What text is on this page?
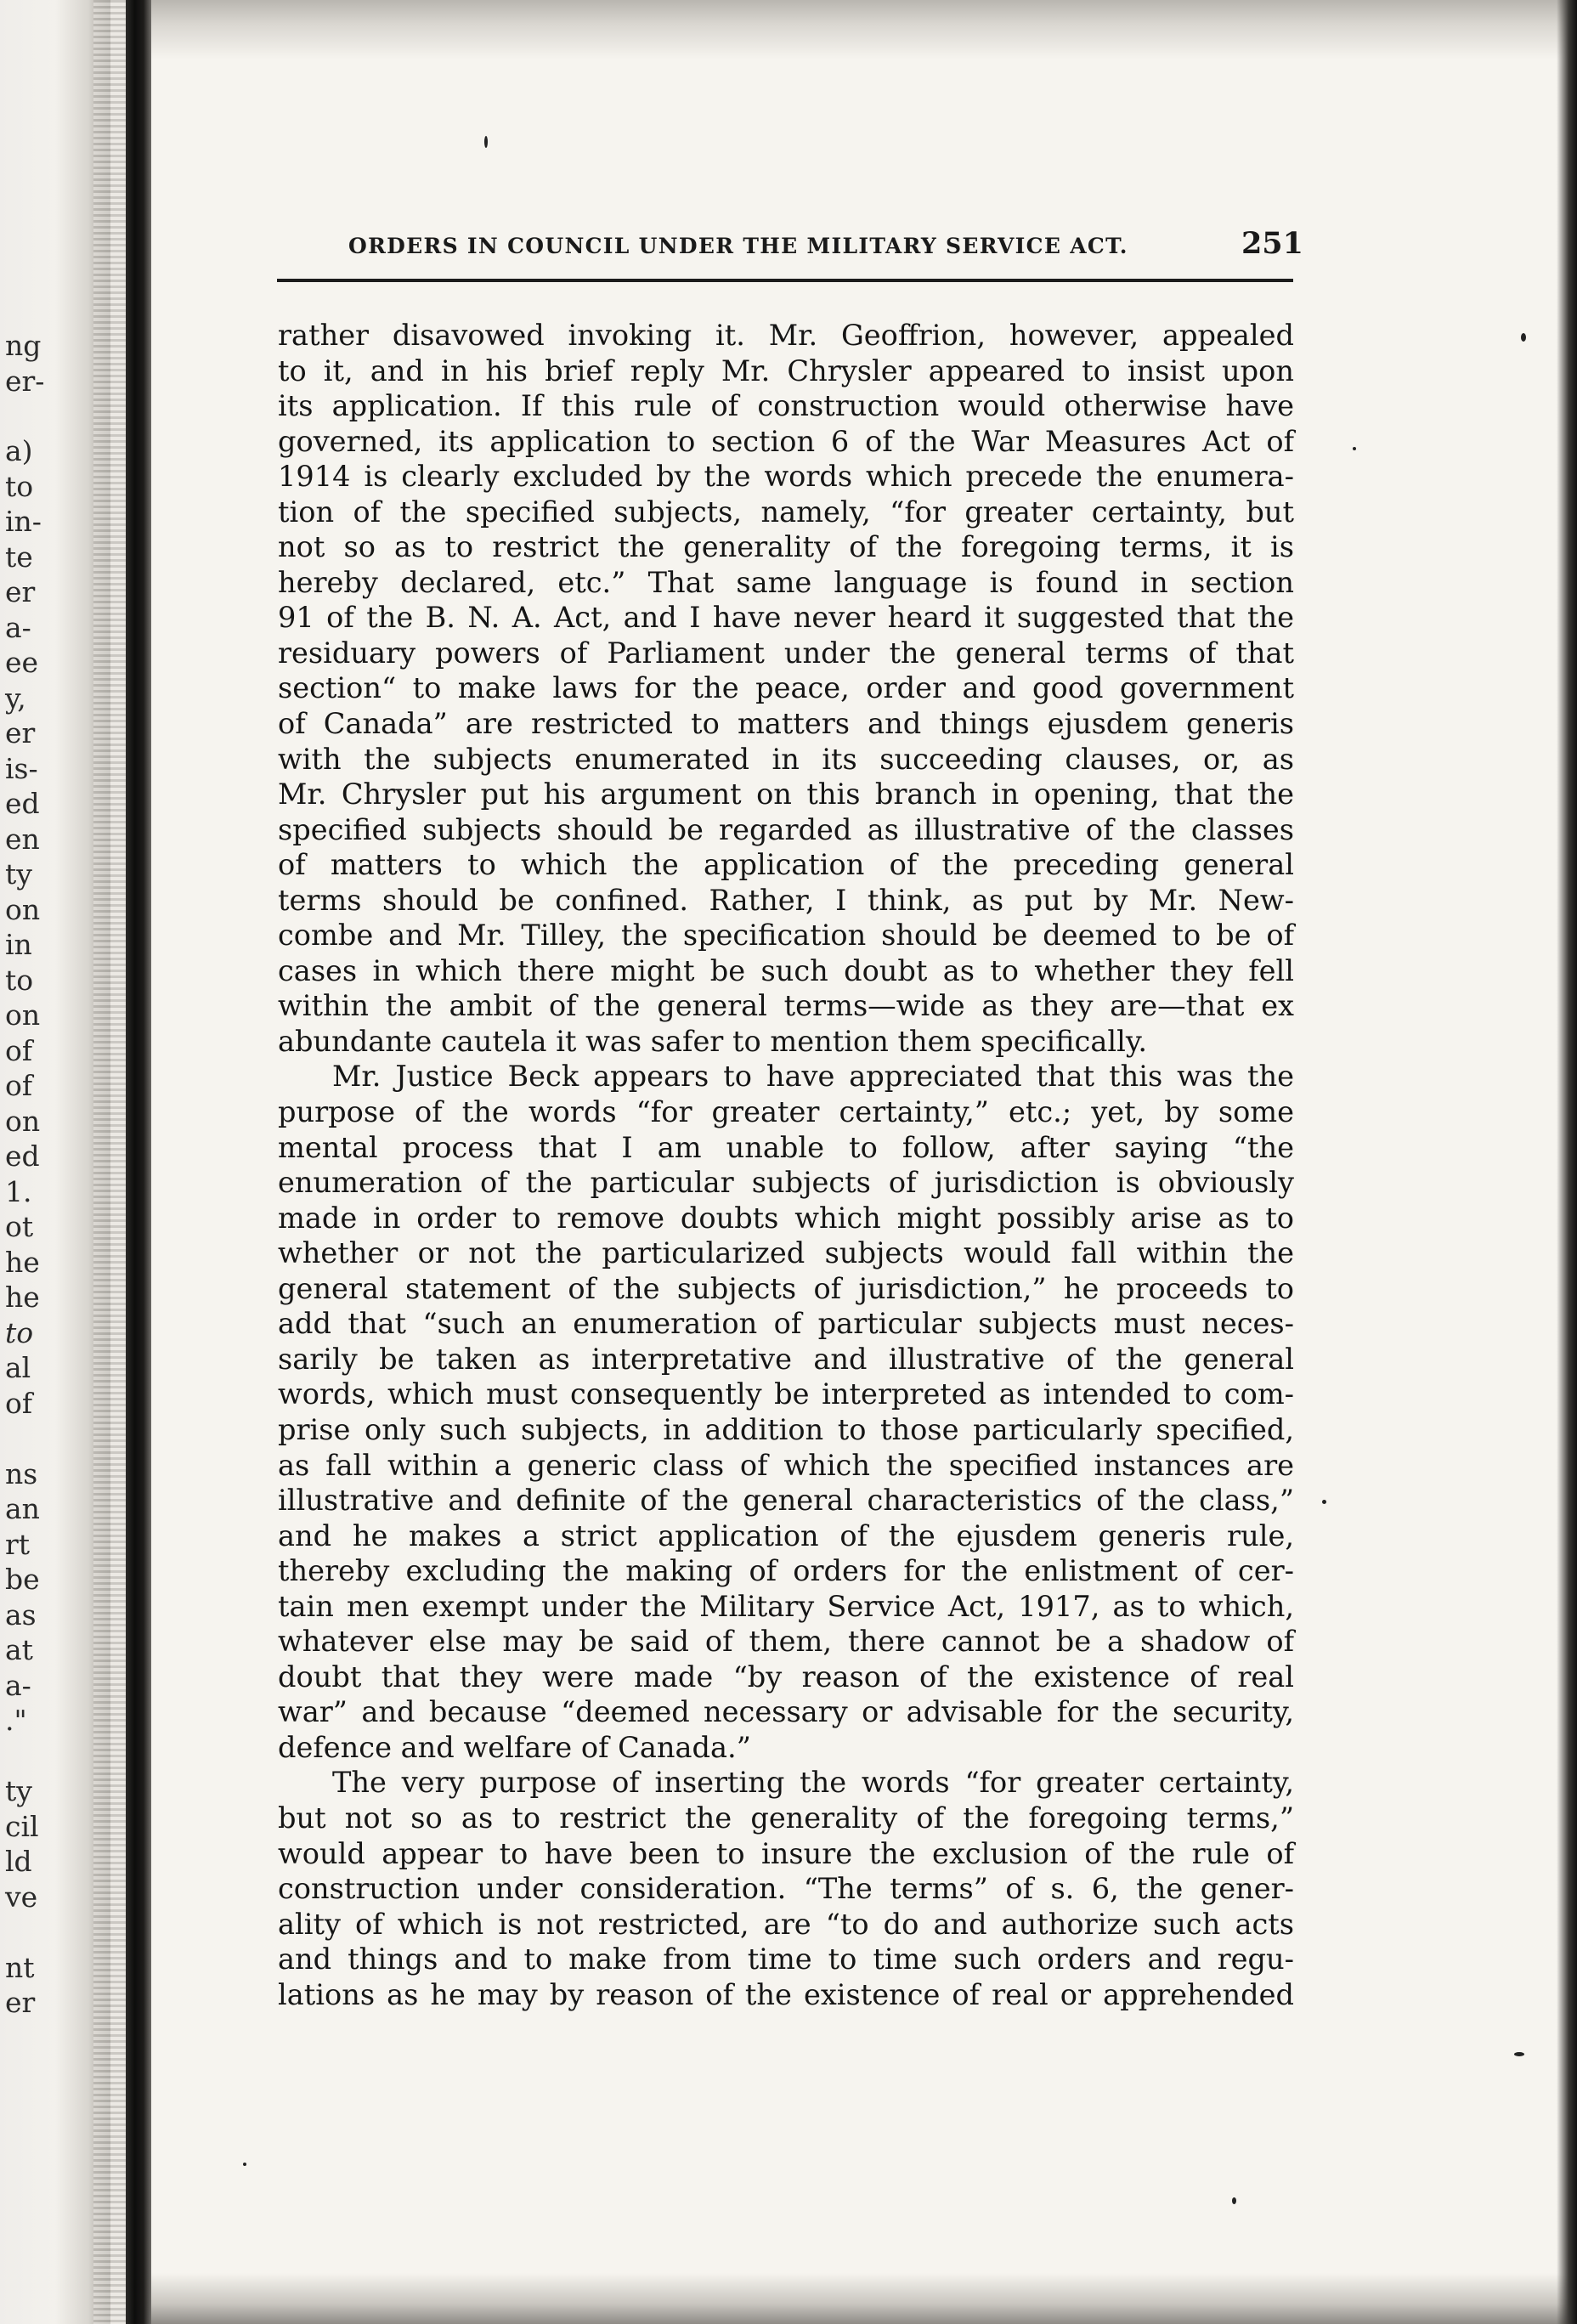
ng
er-
a)
to
in-
te
er
a-
ee
y,
er
is-
ed
en
ty
on
in
to
on
of
of
on
ed
1.
ot
he
he
to
al
of
ns
an
rt
be
as
at
a-
."
ty
cil
ld
ve
nt
er
ORDERS IN COUNCIL UNDER THE MILITARY SERVICE ACT.	251
rather disavowed invoking it. Mr. Geoffrion, however, appealed
to it, and in his brief reply Mr. Chrysler appeared to insist upon
its application. If this rule of construction would otherwise have
governed, its application to section 6 of the War Measures Act of
1914 is clearly excluded by the words which precede the enumera-
tion of the specified subjects, namely, “for greater certainty, but
not so as to restrict the generality of the foregoing terms, it is
hereby declared, etc.” That same language is found in section
91 of the B. N. A. Act, and I have never heard it suggested that the
residuary powers of Parliament under the general terms of that
section“ to make laws for the peace, order and good government
of Canada” are restricted to matters and things ejusdem generis
with the subjects enumerated in its succeeding clauses, or, as
Mr. Chrysler put his argument on this branch in opening, that the
specified subjects should be regarded as illustrative of the classes
of matters to which the application of the preceding general
terms should be confined. Rather, I think, as put by Mr. New-
combe and Mr. Tilley, the specification should be deemed to be of
cases in which there might be such doubt as to whether they fell
within the ambit of the general terms—wide as they are—that ex
abundante cautela it was safer to mention them specifically.
Mr. Justice Beck appears to have appreciated that this was the
purpose of the words “for greater certainty,” etc.; yet, by some
mental process that I am unable to follow, after saying “the
enumeration of the particular subjects of jurisdiction is obviously
made in order to remove doubts which might possibly arise as to
whether or not the particularized subjects would fall within the
general statement of the subjects of jurisdiction,” he proceeds to
add that “such an enumeration of particular subjects must neces-
sarily be taken as interpretative and illustrative of the general
words, which must consequently be interpreted as intended to com-
prise only such subjects, in addition to those particularly specified,
as fall within a generic class of which the specified instances are
illustrative and definite of the general characteristics of the class,”
and he makes a strict application of the ejusdem generis rule,
thereby excluding the making of orders for the enlistment of cer-
tain men exempt under the Military Service Act, 1917, as to which,
whatever else may be said of them, there cannot be a shadow of
doubt that they were made “by reason of the existence of real
war” and because “deemed necessary or advisable for the security,
defence and welfare of Canada.”
The very purpose of inserting the words “for greater certainty,
but not so as to restrict the generality of the foregoing terms,”
would appear to have been to insure the exclusion of the rule of
construction under consideration. “The terms” of s. 6, the gener-
ality of which is not restricted, are “to do and authorize such acts
and things and to make from time to time such orders and regu-
lations as he may by reason of the existence of real or apprehended
